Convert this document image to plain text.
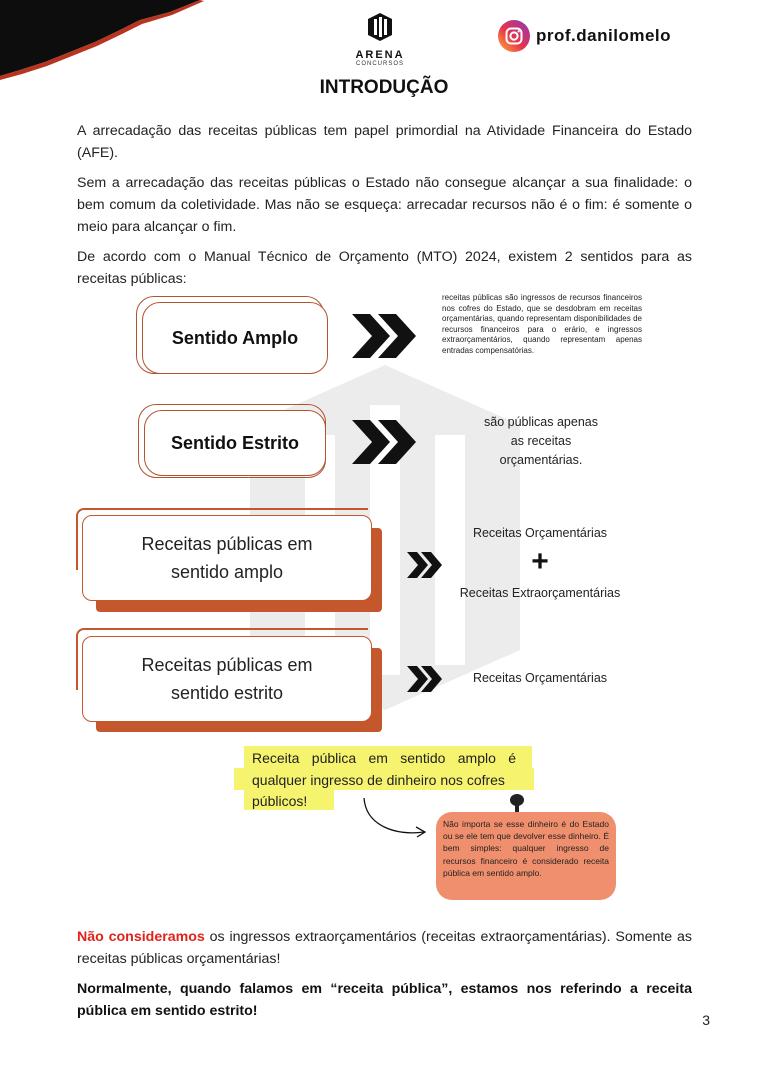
ARENA
CONCURSOS
prof.danilomelo
INTRODUÇÃO
A arrecadação das receitas públicas tem papel primordial na Atividade Financeira do Estado (AFE).
Sem a arrecadação das receitas públicas o Estado não consegue alcançar a sua finalidade: o bem comum da coletividade. Mas não se esqueça: arrecadar recursos não é o fim: é somente o meio para alcançar o fim.
De acordo com o Manual Técnico de Orçamento (MTO) 2024, existem 2 sentidos para as receitas públicas:
Sentido Amplo
receitas públicas são ingressos de recursos financeiros nos cofres do Estado, que se desdobram em receitas orçamentárias, quando representam disponibilidades de recursos financeiros para o erário, e ingressos extraorçamentários, quando representam apenas entradas compensatórias.
Sentido Estrito
são públicas apenas
as receitas
orçamentárias.
Receitas públicas em
sentido amplo
Receitas Orçamentárias
+
Receitas Extraorçamentárias
Receitas públicas em
sentido estrito
Receitas Orçamentárias
Receita pública em sentido amplo é
qualquer ingresso de dinheiro nos cofres
públicos!
Não importa se esse dinheiro é do Estado ou se ele tem que devolver esse dinheiro. É bem simples: qualquer ingresso de recursos financeiro é considerado receita pública em sentido amplo.
Não consideramos os ingressos extraorçamentários (receitas extraorçamentárias). Somente as receitas públicas orçamentárias!
Normalmente, quando falamos em “receita pública”, estamos nos referindo a receita pública em sentido estrito!
3
